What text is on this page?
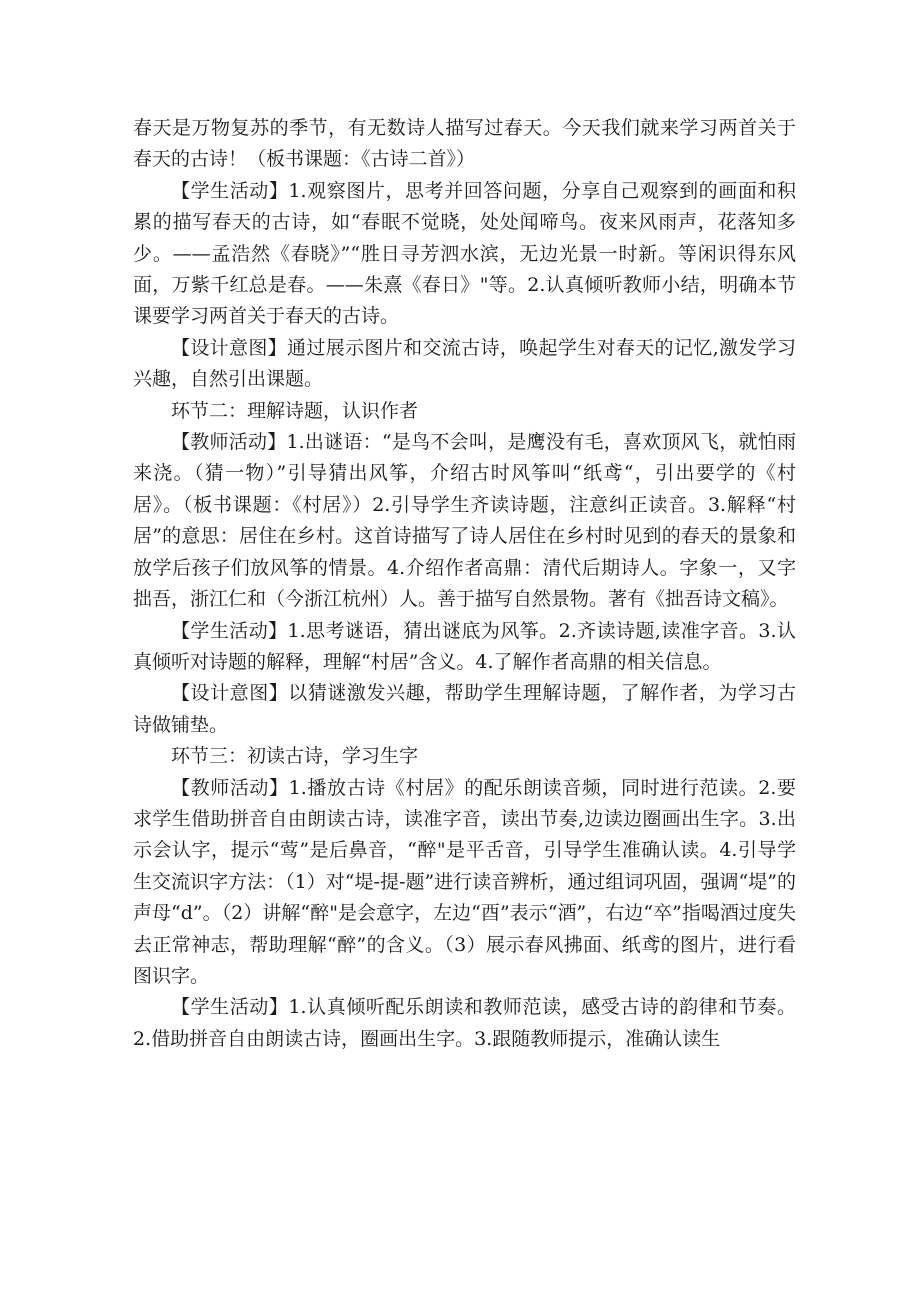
春天是万物复苏的季节，有无数诗人描写过春天。今天我们就来学习两首关于春天的古诗！（板书课题：《古诗二首》）

【学生活动】1.观察图片，思考并回答问题，分享自己观察到的画面和积累的描写春天的古诗，如“春眠不觉晓，处处闻啼鸟。夜来风雨声，花落知多少。——孟浩然《春晓》”“胜日寻芳泗水滨，无边光景一时新。等闲识得东风面，万紫千红总是春。——朱熹《春日》"等。2.认真倾听教师小结，明确本节课要学习两首关于春天的古诗。

【设计意图】通过展示图片和交流古诗，唤起学生对春天的记忆,激发学习兴趣，自然引出课题。

环节二：理解诗题，认识作者

【教师活动】1.出谜语：“是鸟不会叫，是鹰没有毛，喜欢顶风飞，就怕雨来浇。（猜一物）”引导猜出风筝，介绍古时风筝叫“纸鸢“，引出要学的《村居》。（板书课题：《村居》）2.引导学生齐读诗题，注意纠正读音。3.解释“村居”的意思：居住在乡村。这首诗描写了诗人居住在乡村时见到的春天的景象和放学后孩子们放风筝的情景。4.介绍作者高鼎：清代后期诗人。字象一，又字拙吾，浙江仁和（今浙江杭州）人。善于描写自然景物。著有《拙吾诗文稿》。

【学生活动】1.思考谜语，猜出谜底为风筝。2.齐读诗题,读准字音。3.认真倾听对诗题的解释，理解“村居”含义。4.了解作者高鼎的相关信息。

【设计意图】以猜谜激发兴趣，帮助学生理解诗题，了解作者，为学习古诗做铺垫。

环节三：初读古诗，学习生字

【教师活动】1.播放古诗《村居》的配乐朗读音频，同时进行范读。2.要求学生借助拼音自由朗读古诗，读准字音，读出节奏,边读边圈画出生字。3.出示会认字，提示“莺”是后鼻音，“醉"是平舌音，引导学生准确认读。4.引导学生交流识字方法：（1）对“堤-提-题”进行读音辨析，通过组词巩固，强调“堤”的声母“d”。（2）讲解“醉"是会意字，左边“酉”表示“酒”，右边“卒”指喝酒过度失去正常神志，帮助理解“醉”的含义。（3）展示春风拂面、纸鸢的图片，进行看图识字。

【学生活动】1.认真倾听配乐朗读和教师范读，感受古诗的韵律和节奏。2.借助拼音自由朗读古诗，圈画出生字。3.跟随教师提示，准确认读生
